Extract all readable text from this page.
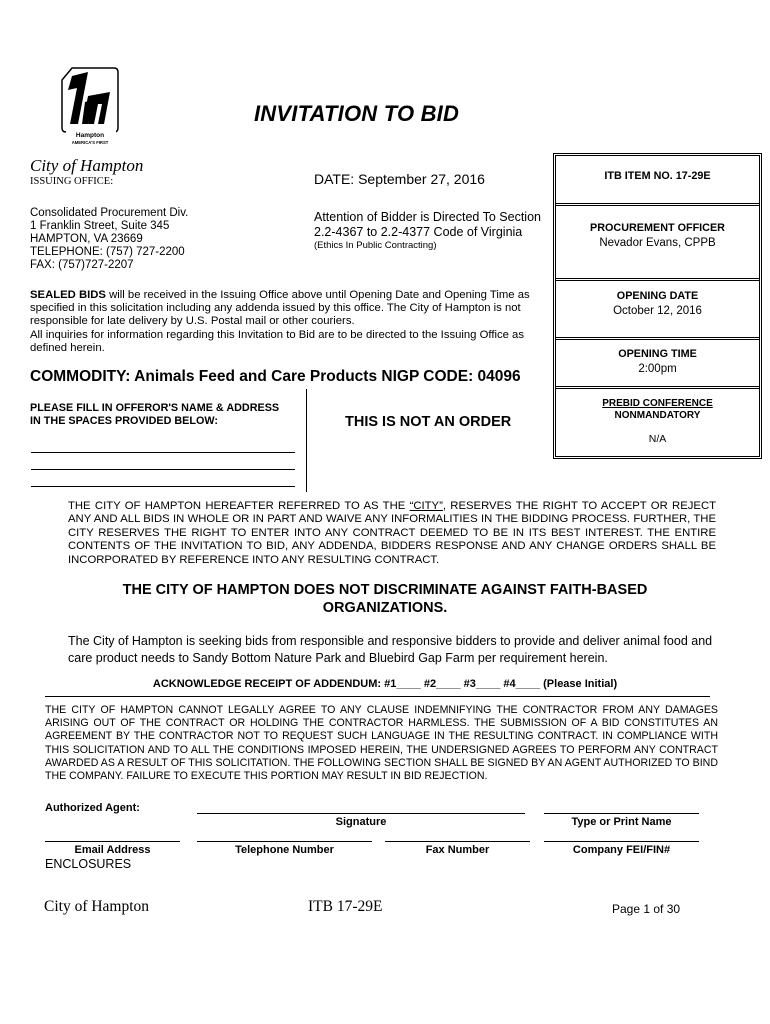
Hampton
AMERICA'S FIRST
INVITATION TO BID
City of Hampton
ISSUING OFFICE:	DATE: September 27, 2016
Consolidated Procurement Div.
1 Franklin Street, Suite 345
HAMPTON, VA 23669
TELEPHONE: (757) 727-2200
FAX: (757)727-2207
Attention of Bidder is Directed To Section
2.2-4367 to 2.2-4377 Code of Virginia
(Ethics In Public Contracting)
SEALED BIDS will be received in the Issuing Office above until Opening Date and Opening Time as specified in this solicitation including any addenda issued by this office. The City of Hampton is not responsible for late delivery by U.S. Postal mail or other couriers.
All inquiries for information regarding this Invitation to Bid are to be directed to the Issuing Office as defined herein.
COMMODITY: Animals Feed and Care Products NIGP CODE: 04096
PLEASE FILL IN OFFEROR'S NAME & ADDRESS
IN THE SPACES PROVIDED BELOW:	THIS IS NOT AN ORDER
ITB ITEM NO. 17-29E
PROCUREMENT OFFICER
Nevador Evans, CPPB
OPENING DATE
October 12, 2016
OPENING TIME
2:00pm
PREBID CONFERENCE
NONMANDATORY
N/A
THE CITY OF HAMPTON HEREAFTER REFERRED TO AS THE “CITY”, RESERVES THE RIGHT TO ACCEPT OR REJECT ANY AND ALL BIDS IN WHOLE OR IN PART AND WAIVE ANY INFORMALITIES IN THE BIDDING PROCESS. FURTHER, THE CITY RESERVES THE RIGHT TO ENTER INTO ANY CONTRACT DEEMED TO BE IN ITS BEST INTEREST. THE ENTIRE CONTENTS OF THE INVITATION TO BID, ANY ADDENDA, BIDDERS RESPONSE AND ANY CHANGE ORDERS SHALL BE INCORPORATED BY REFERENCE INTO ANY RESULTING CONTRACT.
THE CITY OF HAMPTON DOES NOT DISCRIMINATE AGAINST FAITH-BASED ORGANIZATIONS.
The City of Hampton is seeking bids from responsible and responsive bidders to provide and deliver animal food and care product needs to Sandy Bottom Nature Park and Bluebird Gap Farm per requirement herein.
ACKNOWLEDGE RECEIPT OF ADDENDUM: #1____ #2____ #3____ #4____ (Please Initial)
THE CITY OF HAMPTON CANNOT LEGALLY AGREE TO ANY CLAUSE INDEMNIFYING THE CONTRACTOR FROM ANY DAMAGES ARISING OUT OF THE CONTRACT OR HOLDING THE CONTRACTOR HARMLESS. THE SUBMISSION OF A BID CONSTITUTES AN AGREEMENT BY THE CONTRACTOR NOT TO REQUEST SUCH LANGUAGE IN THE RESULTING CONTRACT. IN COMPLIANCE WITH THIS SOLICITATION AND TO ALL THE CONDITIONS IMPOSED HEREIN, THE UNDERSIGNED AGREES TO PERFORM ANY CONTRACT AWARDED AS A RESULT OF THIS SOLICITATION. THE FOLLOWING SECTION SHALL BE SIGNED BY AN AGENT AUTHORIZED TO BIND THE COMPANY. FAILURE TO EXECUTE THIS PORTION MAY RESULT IN BID REJECTION.
Authorized Agent:
Signature	Type or Print Name
Email Address	Telephone Number	Fax Number	Company FEI/FIN#
ENCLOSURES
City of Hampton	ITB 17-29E	Page 1 of 30
